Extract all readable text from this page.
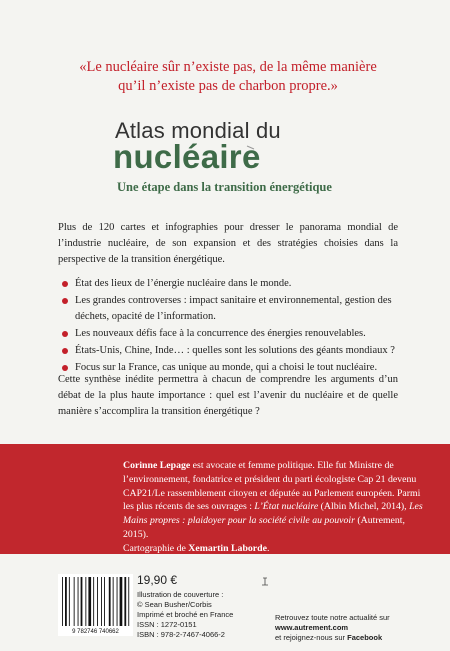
«Le nucléaire sûr n’existe pas, de la même manière
qu’il n’existe pas de charbon propre.»
Atlas mondial du
nucléaire
Une étape dans la transition énergétique
Plus de 120 cartes et infographies pour dresser le panorama mondial de l’industrie nucléaire, de son expansion et des stratégies choisies dans la perspective de la transition énergétique.
État des lieux de l’énergie nucléaire dans le monde.
Les grandes controverses : impact sanitaire et environnemental, gestion des déchets, opacité de l’information.
Les nouveaux défis face à la concurrence des énergies renouvelables.
États-Unis, Chine, Inde… : quelles sont les solutions des géants mondiaux ?
Focus sur la France, cas unique au monde, qui a choisi le tout nucléaire.
Cette synthèse inédite permettra à chacun de comprendre les arguments d’un débat de la plus haute importance : quel est l’avenir du nucléaire et de quelle manière s’accomplira la transition énergétique ?
Corinne Lepage est avocate et femme politique. Elle fut Ministre de l’environnement, fondatrice et président du parti écologiste Cap 21 devenu CAP21/Le rassemblement citoyen et députée au Parlement européen. Parmi les plus récents de ses ouvrages : L’État nucléaire (Albin Michel, 2014), Les Mains propres : plaidoyer pour la société civile au pouvoir (Autrement, 2015).
Cartographie de Xemartin Laborde.
9 782746 740662
19,90 €
Illustration de couverture :
© Sean Busher/Corbis
Imprimé et broché en France
ISSN : 1272-0151
ISBN : 978-2-7467-4066-2
Retrouvez toute notre actualité sur
www.autrement.com
et rejoignez-nous sur Facebook
